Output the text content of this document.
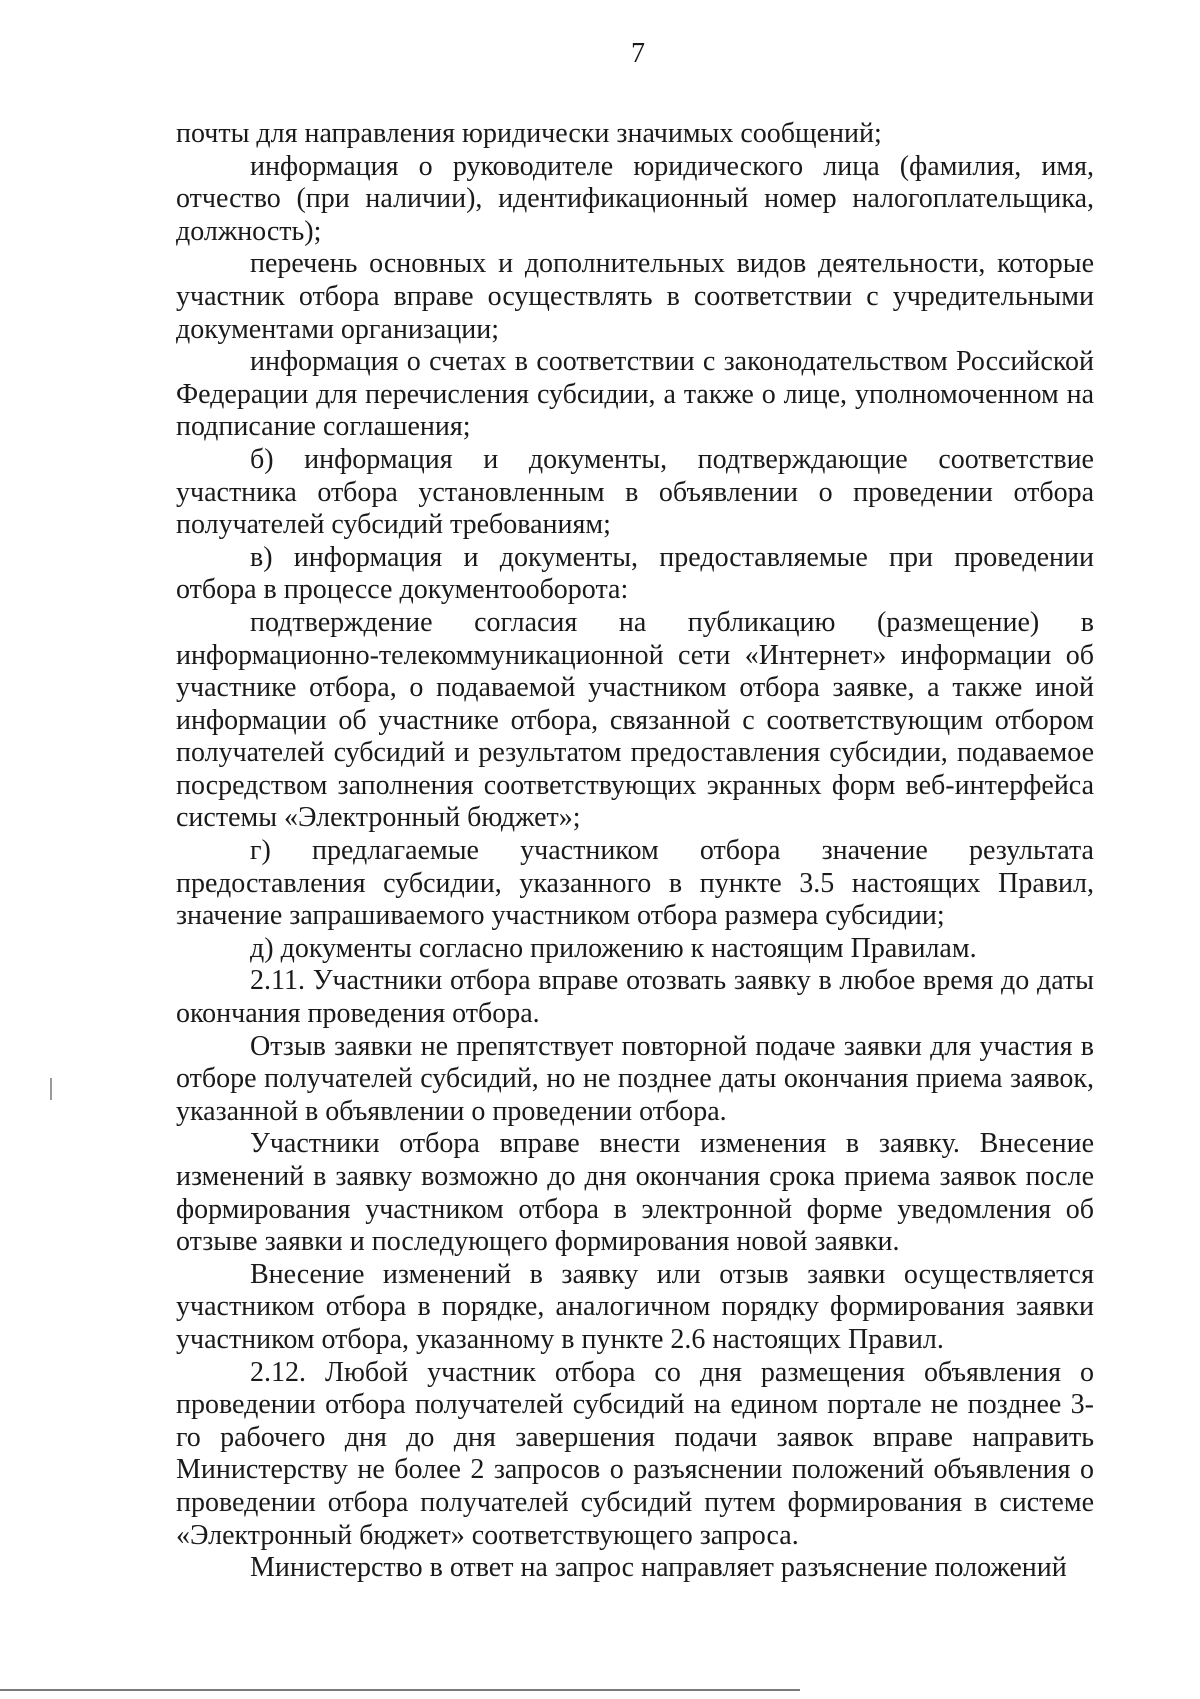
7

почты для направления юридически значимых сообщений;

информация о руководителе юридического лица (фамилия, имя, отчество (при наличии), идентификационный номер налогоплательщика, должность);

перечень основных и дополнительных видов деятельности, которые участник отбора вправе осуществлять в соответствии с учредительными документами организации;

информация о счетах в соответствии с законодательством Российской Федерации для перечисления субсидии, а также о лице, уполномоченном на подписание соглашения;

б) информация и документы, подтверждающие соответствие участника отбора установленным в объявлении о проведении отбора получателей субсидий требованиям;

в) информация и документы, предоставляемые при проведении отбора в процессе документооборота:

подтверждение согласия на публикацию (размещение) в информационно-телекоммуникационной сети «Интернет» информации об участнике отбора, о подаваемой участником отбора заявке, а также иной информации об участнике отбора, связанной с соответствующим отбором получателей субсидий и результатом предоставления субсидии, подаваемое посредством заполнения соответствующих экранных форм веб-интерфейса системы «Электронный бюджет»;

г) предлагаемые участником отбора значение результата предоставления субсидии, указанного в пункте 3.5 настоящих Правил, значение запрашиваемого участником отбора размера субсидии;

д) документы согласно приложению к настоящим Правилам.

2.11. Участники отбора вправе отозвать заявку в любое время до даты окончания проведения отбора.

Отзыв заявки не препятствует повторной подаче заявки для участия в отборе получателей субсидий, но не позднее даты окончания приема заявок, указанной в объявлении о проведении отбора.

Участники отбора вправе внести изменения в заявку. Внесение изменений в заявку возможно до дня окончания срока приема заявок после формирования участником отбора в электронной форме уведомления об отзыве заявки и последующего формирования новой заявки.

Внесение изменений в заявку или отзыв заявки осуществляется участником отбора в порядке, аналогичном порядку формирования заявки участником отбора, указанному в пункте 2.6 настоящих Правил.

2.12. Любой участник отбора со дня размещения объявления о проведении отбора получателей субсидий на едином портале не позднее 3-го рабочего дня до дня завершения подачи заявок вправе направить Министерству не более 2 запросов о разъяснении положений объявления о проведении отбора получателей субсидий путем формирования в системе «Электронный бюджет» соответствующего запроса.

Министерство в ответ на запрос направляет разъяснение положений
